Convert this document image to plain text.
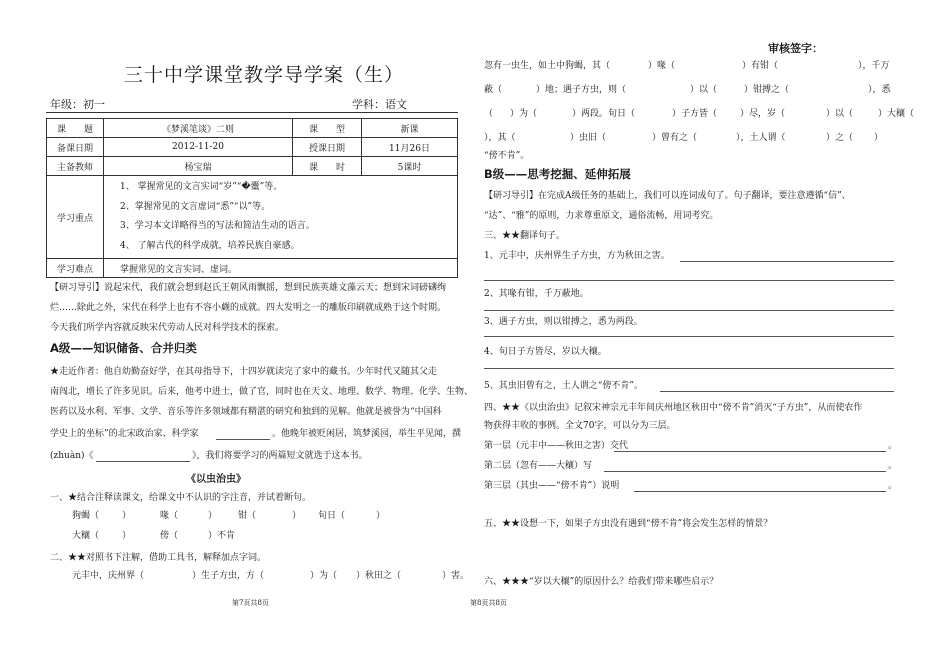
三十中学课堂教学导学案（生）
年级：初一	学科：语文
课　　题	《梦溪笔谈》二则	课　　型	新课
备课日期	2012-11-20	授课日期	11月26日
主备教师	杨宝瑞	课　　时	5课时
学习重点	1、 掌握常见的文言实词“岁”“�櫜”等。
2、掌握常见的文言虚词“悉”“以”等。
3、学习本文详略得当的写法和简洁生动的语言。
4、 了解古代的科学成就，培养民族自豪感。		

学习难点	掌握常见的文言实词、虚词。		
【研习导引】说起宋代，我们就会想到赵氏王朝风雨飘摇，想到民族英雄文藻云天；想到宋词磅礴绚
烂……除此之外，宋代在科学上也有不容小觑的成就。四大发明之一的雕版印刷就成熟于这个时期。
今天我们所学内容就反映宋代劳动人民对科学技术的探索。
A级——知识储备、合并归类
★走近作者：他自幼勤奋好学，在其母指导下，十四岁就读完了家中的藏书。少年时代又随其父走
南闯北，增长了许多见识。后来，他考中进士，做了官，同时也在天文、地理、数学、物理、化学、生物、
医药以及水利、军事、文学、音乐等许多领域都有精湛的研究和独到的见解。他就是被誉为“中国科
学史上的坐标”的北宋政治家、科学家	。他晚年被贬闲居，筑梦溪园，举生平见闻，撰
(zhuàn)《	》，我们将要学习的两篇短文就选于这本书。
《以虫治虫》
一、★结合注释读课文，给课文中不认识的字注音，并试着断句。
狗蝎（	）	喙（	） 钳（	） 旬日（	）
大穰（	）	傍（	）不肯
二、★★对照书下注解，借助工具书，解释加点字词。
元丰中，庆州界（	）生子方虫，方（	）为（ ）秋田之（	）害。
第7页共8页
审核签字：
忽有一虫生，如土中狗蝎，其（	）喙（	）有钳（	），千万
蔽（	）地；遇子方虫，则（	）以（	）钳搏之（	），悉
（ ）为（	）两段。旬日（	）子方皆（	）尽，岁（	）以（	）大穰（
），其（	）虫旧（	）曾有之（	），土人谓（	）之（ ）
“傍不肯”。
B级——思考挖掘、延伸拓展
【研习导引】在完成A级任务的基础上，我们可以连词成句了。句子翻译，要注意遵循“信”、
“达”、“雅”的原则，力求尊重原文，通俗流畅，用词考究。
三、★★翻译句子。
1、元丰中，庆州界生子方虫，方为秋田之害。
2、其喙有钳，千万蔽地。
3、遇子方虫，则以钳搏之，悉为两段。
4、旬日子方皆尽，岁以大穰。
5、其虫旧曾有之，土人谓之“傍不肯”。
四、★★《以虫治虫》记叙宋神宗元丰年间庆州地区秋田中“傍不肯”消灭“子方虫”，从而使农作
物获得丰收的事例。全文70字，可以分为三层。
第一层（元丰中——秋田之害）交代	。
第二层（忽有——大穰）写	。
第三层（其虫——“傍不肯”）说明	。
五、★★设想一下，如果子方虫没有遇到“傍不肯”将会发生怎样的情景？
六、★★★“岁以大穰”的原因什么？给我们带来哪些启示？
第8页共8页
